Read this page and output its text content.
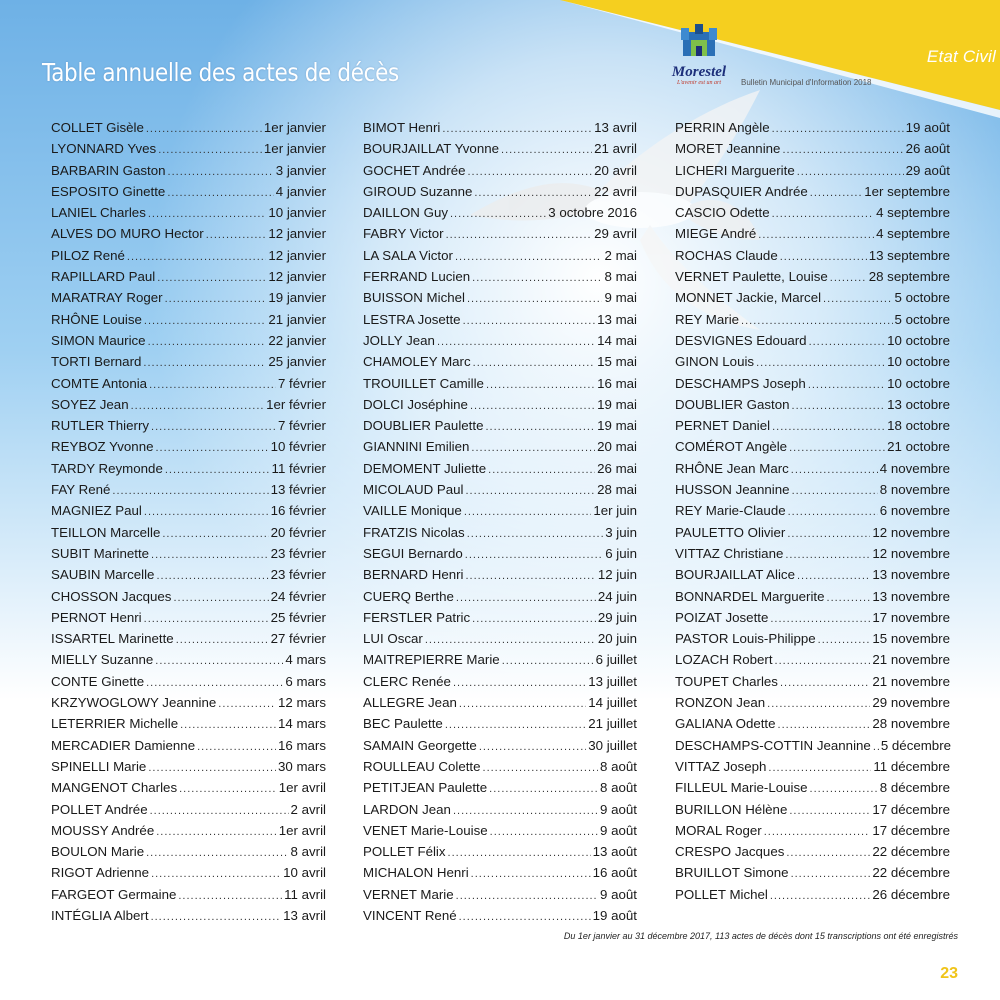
Table annuelle des actes de décès	Morestel
L'avenir est un art	Bulletin Municipal d'Information 2018
Etat Civil
COLLET Gisèle .....	1er janvier
LYONNARD Yves .....	1er janvier
BARBARIN Gaston .....	3 janvier
ESPOSITO Ginette .....	4 janvier
LANIEL Charles .....	10 janvier
ALVES DO MURO Hector .....	12 janvier
PILOZ René .....	12 janvier
RAPILLARD Paul .....	12 janvier
MARATRAY Roger .....	19 janvier
RHÔNE Louise .....	21 janvier
SIMON Maurice .....	22 janvier
TORTI Bernard .....	25 janvier
COMTE Antonia .....	7 février
SOYEZ Jean .....	1er février
RUTLER Thierry .....	7 février
REYBOZ Yvonne .....	10 février
TARDY Reymonde .....	11 février
FAY René .....	13 février
MAGNIEZ Paul .....	16 février
TEILLON Marcelle .....	20 février
SUBIT Marinette .....	23 février
SAUBIN Marcelle .....	23 février
CHOSSON Jacques .....	24 février
PERNOT Henri .....	25 février
ISSARTEL Marinette .....	27 février
MIELLY Suzanne .....	4 mars
CONTE Ginette .....	6 mars
KRZYWOGLOWY Jeannine .....	12 mars
LETERRIER Michelle .....	14 mars
MERCADIER Damienne .....	16 mars
SPINELLI Marie .....	30 mars
MANGENOT Charles .....	1er avril
POLLET Andrée .....	2 avril
MOUSSY Andrée .....	1er avril
BOULON Marie .....	8 avril
RIGOT Adrienne .....	10 avril
FARGEOT Germaine .....	11 avril
INTÉGLIA Albert .....	13 avril
BIMOT Henri .....	13 avril
BOURJAILLAT Yvonne .....	21 avril
GOCHET Andrée .....	20 avril
GIROUD Suzanne .....	22 avril
DAILLON Guy .....	3 octobre 2016
FABRY Victor .....	29 avril
LA SALA Victor .....	2 mai
FERRAND Lucien .....	8 mai
BUISSON Michel .....	9 mai
LESTRA Josette .....	13 mai
JOLLY Jean .....	14 mai
CHAMOLEY Marc .....	15 mai
TROUILLET Camille .....	16 mai
DOLCI Joséphine .....	19 mai
DOUBLIER Paulette .....	19 mai
GIANNINI Emilien .....	20 mai
DEMOMENT Juliette .....	26 mai
MICOLAUD Paul .....	28 mai
VAILLE Monique .....	1er juin
FRATZIS Nicolas .....	3 juin
SEGUI Bernardo .....	6 juin
BERNARD Henri .....	12 juin
CUERQ Berthe .....	24 juin
FERSTLER Patric .....	29 juin
LUI Oscar .....	20 juin
MAITREPIERRE Marie .....	6 juillet
CLERC Renée .....	13 juillet
ALLEGRE Jean .....	14 juillet
BEC Paulette .....	21 juillet
SAMAIN Georgette .....	30 juillet
ROULLEAU Colette .....	8 août
PETITJEAN Paulette .....	8 août
LARDON Jean .....	9 août
VENET Marie-Louise .....	9 août
POLLET Félix .....	13 août
MICHALON Henri .....	16 août
VERNET Marie .....	9 août
VINCENT René .....	19 août
PERRIN Angèle .....	19 août
MORET Jeannine .....	26 août
LICHERI Marguerite .....	29 août
DUPASQUIER Andrée .....	1er septembre
CASCIO Odette .....	4 septembre
MIEGE André .....	4 septembre
ROCHAS Claude .....	13 septembre
VERNET Paulette, Louise .....	28 septembre
MONNET Jackie, Marcel .....	5 octobre
REY Marie .....	5 octobre
DESVIGNES Edouard .....	10 octobre
GINON Louis .....	10 octobre
DESCHAMPS Joseph .....	10 octobre
DOUBLIER Gaston .....	13 octobre
PERNET Daniel .....	18 octobre
COMÉROT Angèle .....	21 octobre
RHÔNE Jean Marc .....	4 novembre
HUSSON Jeannine .....	8 novembre
REY Marie-Claude .....	6 novembre
PAULETTO Olivier .....	12 novembre
VITTAZ Christiane .....	12 novembre
BOURJAILLAT Alice .....	13 novembre
BONNARDEL Marguerite .....	13 novembre
POIZAT Josette .....	17 novembre
PASTOR Louis-Philippe .....	15 novembre
LOZACH Robert .....	21 novembre
TOUPET Charles .....	21 novembre
RONZON Jean .....	29 novembre
GALIANA Odette .....	28 novembre
DESCHAMPS-COTTIN Jeannine ..... 5 décembre
VITTAZ Joseph .....	11 décembre
FILLEUL Marie-Louise .....	8 décembre
BURILLON Hélène .....	17 décembre
MORAL Roger .....	17 décembre
CRESPO Jacques .....	22 décembre
BRUILLOT Simone .....	22 décembre
POLLET Michel .....	26 décembre
Du 1er janvier au 31 décembre 2017, 113 actes de décès dont 15 transcriptions ont été enregistrés
23
